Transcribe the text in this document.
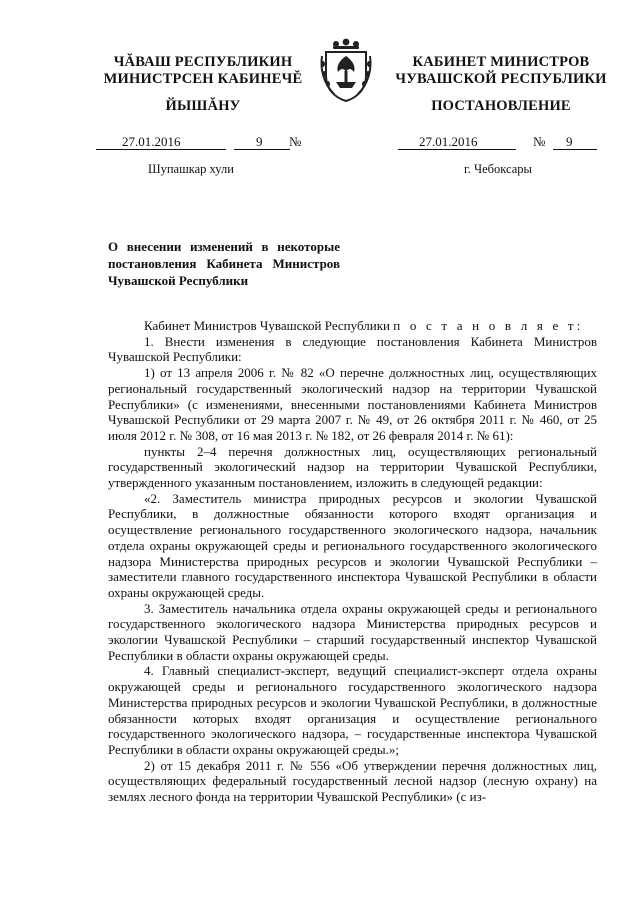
ЧĂВАШ РЕСПУБЛИКИН
МИНИСТРСЕН КАБИНЕЧĔ
ЙЫШĂНУ
КАБИНЕТ МИНИСТРОВ
ЧУВАШСКОЙ РЕСПУБЛИКИ
ПОСТАНОВЛЕНИЕ
27.01.2016	9 №	27.01.2016	№ 9
Шупашкар хули	г. Чебоксары
О внесении изменений в некоторые постановления Кабинета Министров Чувашской Республики

Кабинет Министров Чувашской Республики п о с т а н о в л я е т:

1. Внести изменения в следующие постановления Кабинета Министров Чувашской Республики:

1) от 13 апреля 2006 г. № 82 «О перечне должностных лиц, осуществляющих региональный государственный экологический надзор на территории Чувашской Республики» (с изменениями, внесенными постановлениями Кабинета Министров Чувашской Республики от 29 марта 2007 г. № 49, от 26 октября 2011 г. № 460, от 25 июля 2012 г. № 308, от 16 мая 2013 г. № 182, от 26 февраля 2014 г. № 61):

пункты 2–4 перечня должностных лиц, осуществляющих региональный государственный экологический надзор на территории Чувашской Республики, утвержденного указанным постановлением, изложить в следующей редакции:

«2. Заместитель министра природных ресурсов и экологии Чувашской Республики, в должностные обязанности которого входят организация и осуществление регионального государственного экологического надзора, начальник отдела охраны окружающей среды и регионального государственного экологического надзора Министерства природных ресурсов и экологии Чувашской Республики – заместители главного государственного инспектора Чувашской Республики в области охраны окружающей среды.

3. Заместитель начальника отдела охраны окружающей среды и регионального государственного экологического надзора Министерства природных ресурсов и экологии Чувашской Республики – старший государственный инспектор Чувашской Республики в области охраны окружающей среды.

4. Главный специалист-эксперт, ведущий специалист-эксперт отдела охраны окружающей среды и регионального государственного экологического надзора Министерства природных ресурсов и экологии Чувашской Республики, в должностные обязанности которых входят организация и осуществление регионального государственного экологического надзора, – государственные инспектора Чувашской Республики в области охраны окружающей среды.»;

2) от 15 декабря 2011 г. № 556 «Об утверждении перечня должностных лиц, осуществляющих федеральный государственный лесной надзор (лесную охрану) на землях лесного фонда на территории Чувашской Республики» (с из-
